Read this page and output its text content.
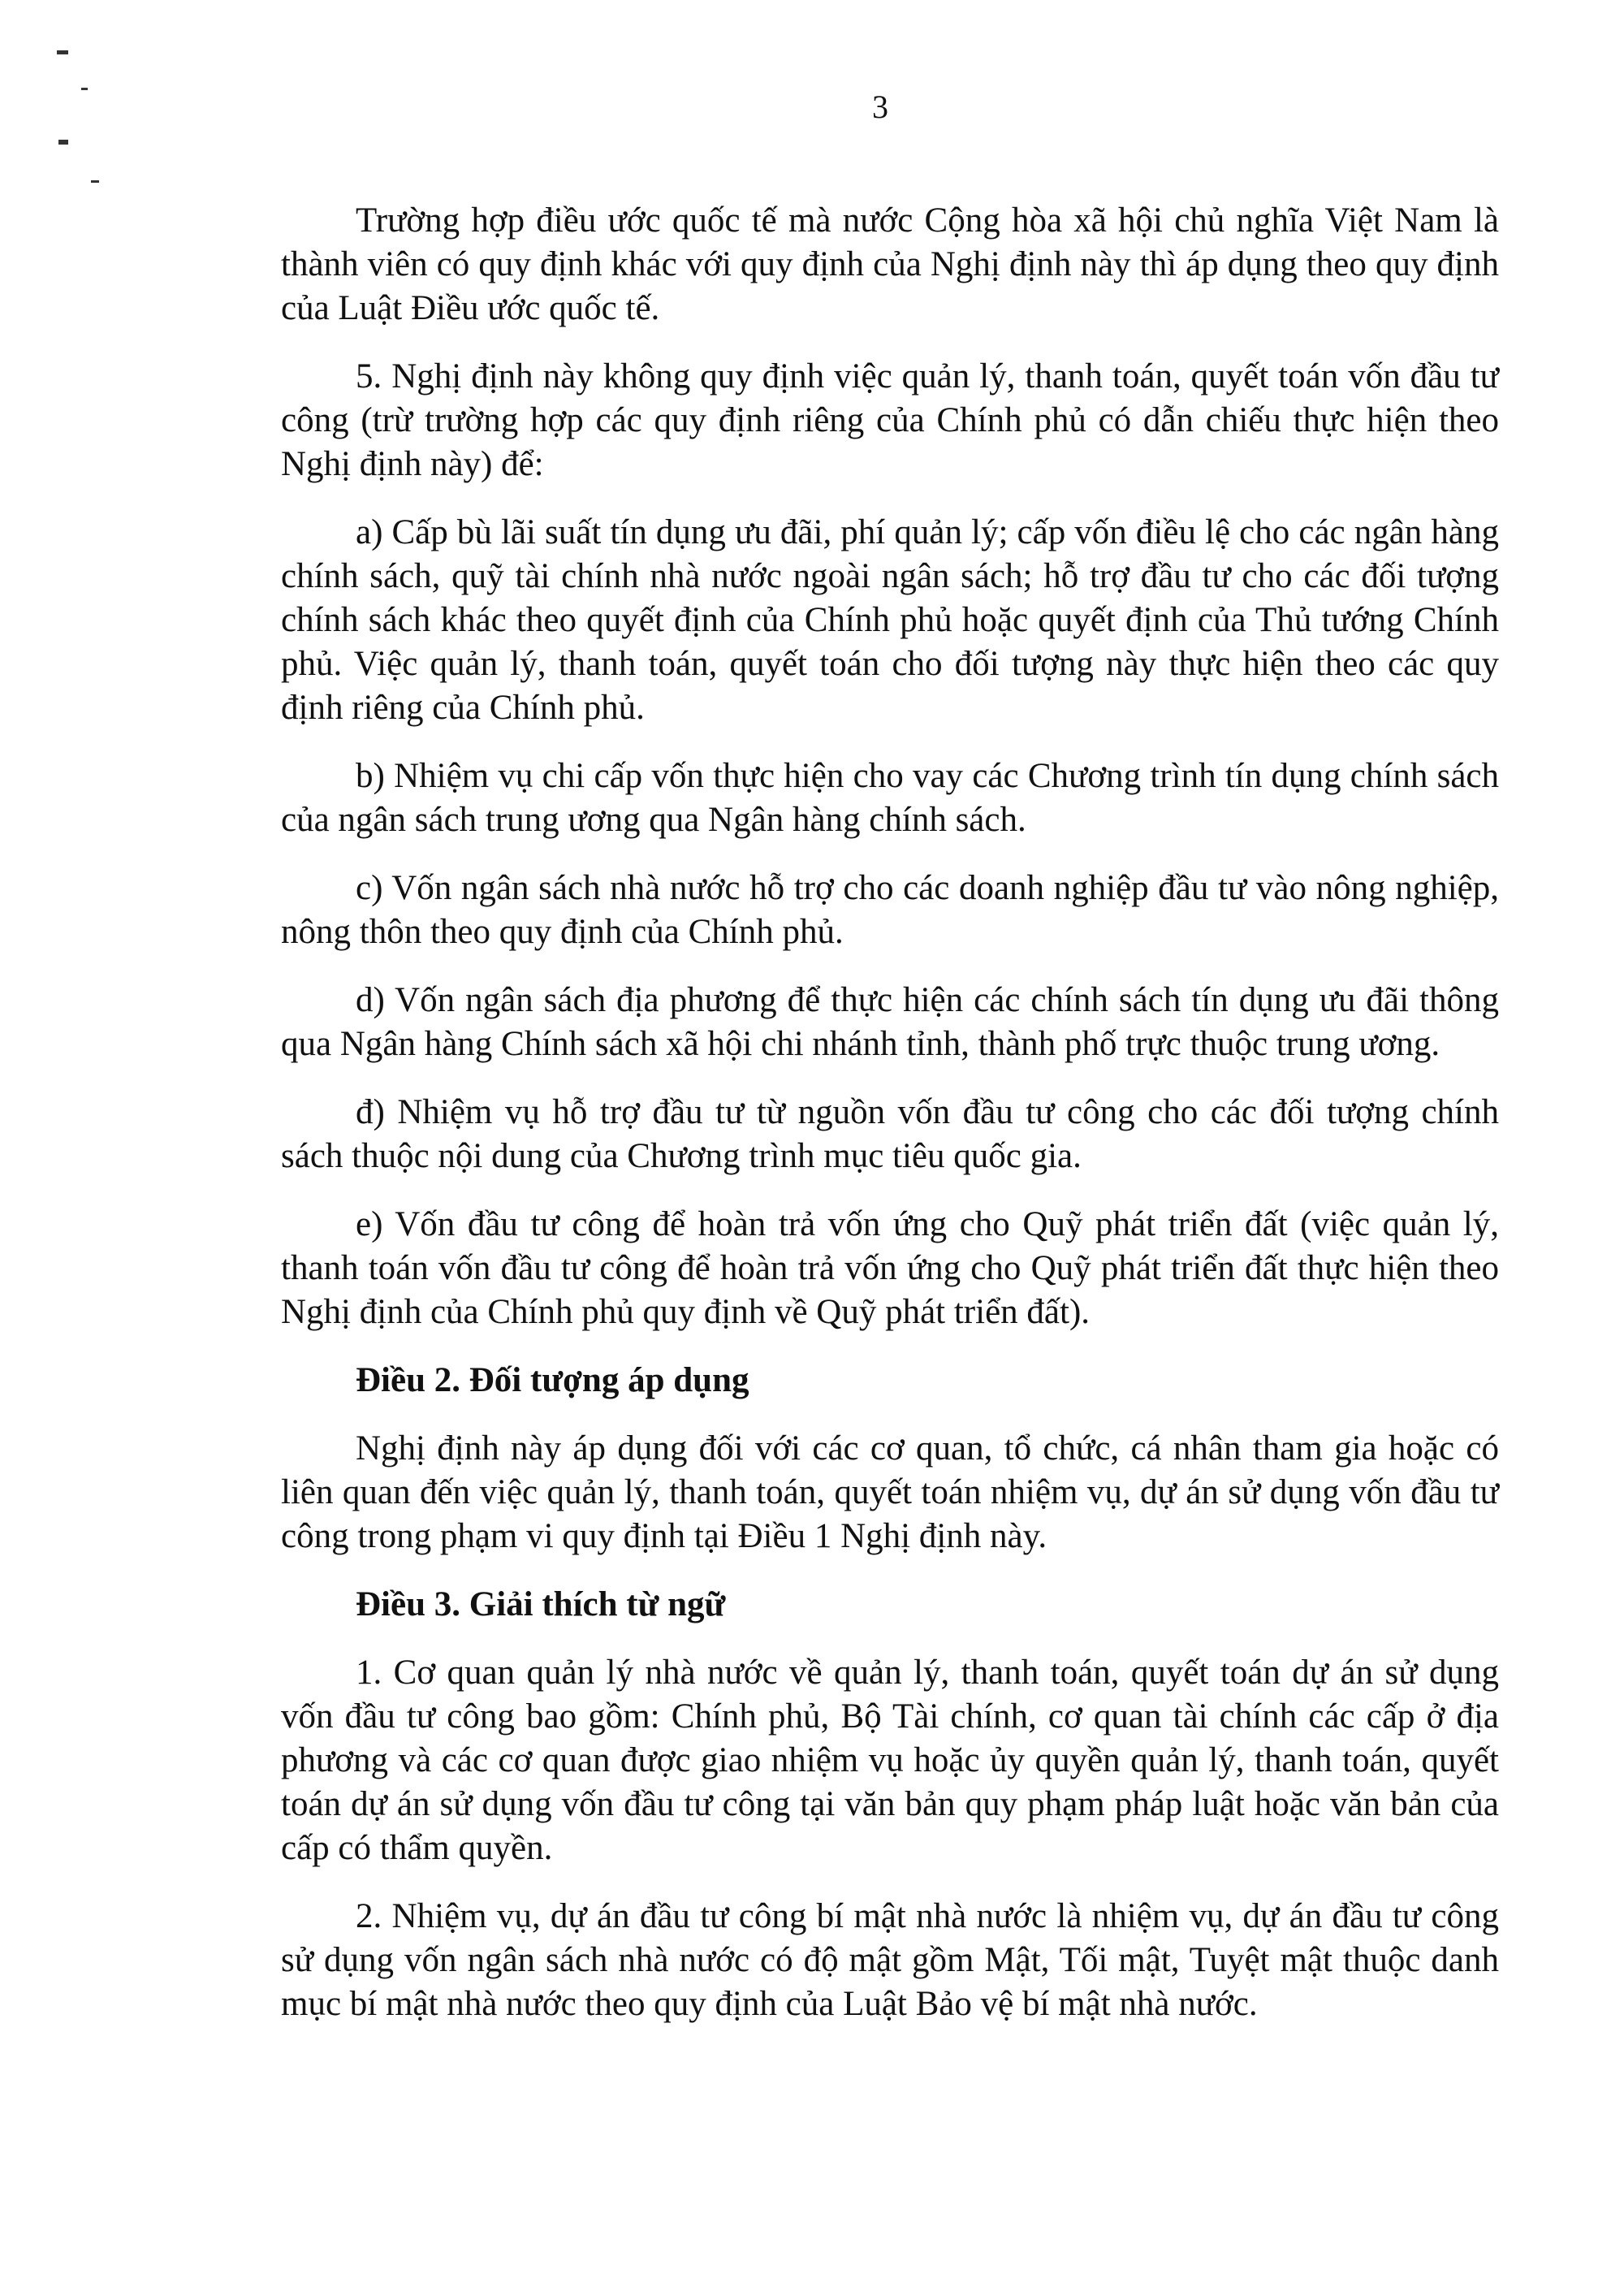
3

Trường hợp điều ước quốc tế mà nước Cộng hòa xã hội chủ nghĩa Việt Nam là thành viên có quy định khác với quy định của Nghị định này thì áp dụng theo quy định của Luật Điều ước quốc tế.

5. Nghị định này không quy định việc quản lý, thanh toán, quyết toán vốn đầu tư công (trừ trường hợp các quy định riêng của Chính phủ có dẫn chiếu thực hiện theo Nghị định này) để:

a) Cấp bù lãi suất tín dụng ưu đãi, phí quản lý; cấp vốn điều lệ cho các ngân hàng chính sách, quỹ tài chính nhà nước ngoài ngân sách; hỗ trợ đầu tư cho các đối tượng chính sách khác theo quyết định của Chính phủ hoặc quyết định của Thủ tướng Chính phủ. Việc quản lý, thanh toán, quyết toán cho đối tượng này thực hiện theo các quy định riêng của Chính phủ.

b) Nhiệm vụ chi cấp vốn thực hiện cho vay các Chương trình tín dụng chính sách của ngân sách trung ương qua Ngân hàng chính sách.

c) Vốn ngân sách nhà nước hỗ trợ cho các doanh nghiệp đầu tư vào nông nghiệp, nông thôn theo quy định của Chính phủ.

d) Vốn ngân sách địa phương để thực hiện các chính sách tín dụng ưu đãi thông qua Ngân hàng Chính sách xã hội chi nhánh tỉnh, thành phố trực thuộc trung ương.

đ) Nhiệm vụ hỗ trợ đầu tư từ nguồn vốn đầu tư công cho các đối tượng chính sách thuộc nội dung của Chương trình mục tiêu quốc gia.

e) Vốn đầu tư công để hoàn trả vốn ứng cho Quỹ phát triển đất (việc quản lý, thanh toán vốn đầu tư công để hoàn trả vốn ứng cho Quỹ phát triển đất thực hiện theo Nghị định của Chính phủ quy định về Quỹ phát triển đất).

Điều 2. Đối tượng áp dụng

Nghị định này áp dụng đối với các cơ quan, tổ chức, cá nhân tham gia hoặc có liên quan đến việc quản lý, thanh toán, quyết toán nhiệm vụ, dự án sử dụng vốn đầu tư công trong phạm vi quy định tại Điều 1 Nghị định này.

Điều 3. Giải thích từ ngữ

1. Cơ quan quản lý nhà nước về quản lý, thanh toán, quyết toán dự án sử dụng vốn đầu tư công bao gồm: Chính phủ, Bộ Tài chính, cơ quan tài chính các cấp ở địa phương và các cơ quan được giao nhiệm vụ hoặc ủy quyền quản lý, thanh toán, quyết toán dự án sử dụng vốn đầu tư công tại văn bản quy phạm pháp luật hoặc văn bản của cấp có thẩm quyền.

2. Nhiệm vụ, dự án đầu tư công bí mật nhà nước là nhiệm vụ, dự án đầu tư công sử dụng vốn ngân sách nhà nước có độ mật gồm Mật, Tối mật, Tuyệt mật thuộc danh mục bí mật nhà nước theo quy định của Luật Bảo vệ bí mật nhà nước.
